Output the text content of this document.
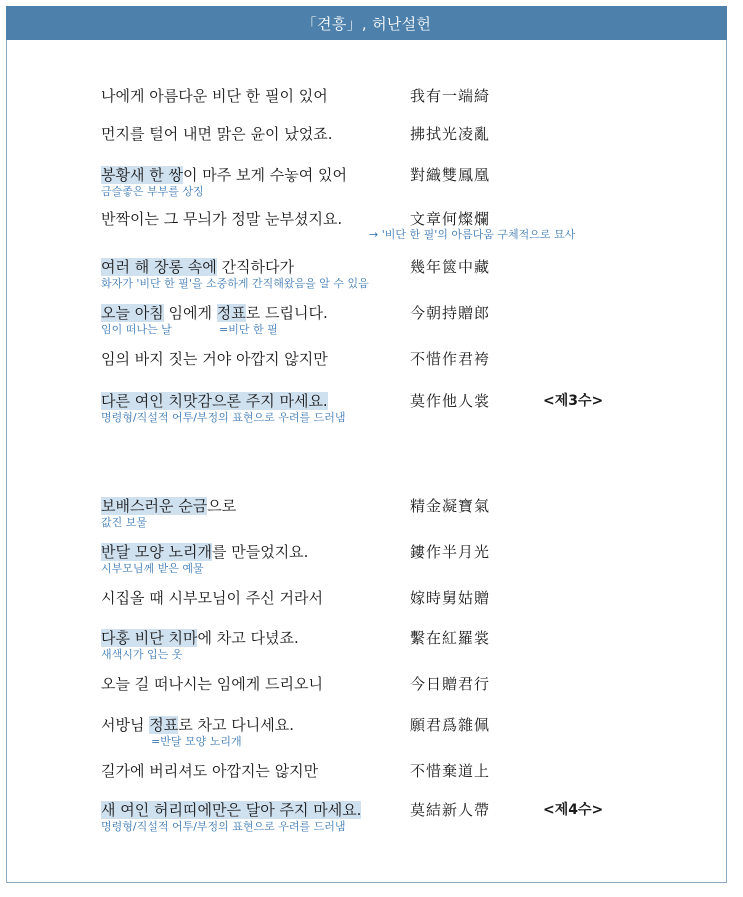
「견흥」, 허난설헌
나에게 아름다운 비단 한 필이 있어	我有一端綺
먼지를 털어 내면 맑은 윤이 났었죠.	拂拭光凌亂
봉황새 한 쌍이 마주 보게 수놓여 있어	對織雙鳳凰
금슬좋은 부부를 상징
반짝이는 그 무늬가 정말 눈부셨지요.	文章何燦爛
→ '비단 한 필'의 아름다움 구체적으로 묘사
여러 해 장롱 속에 간직하다가	幾年篋中藏
화자가 '비단 한 필'을 소중하게 간직해왔음을 알 수 있음
오늘 아침 임에게 정표로 드립니다.	今朝持贈郎
임이 떠나는 날	=비단 한 필
임의 바지 짓는 거야 아깝지 않지만	不惜作君袴
다른 여인 치맛감으론 주지 마세요.	莫作他人裳	<제3수>
명령형/직설적 어투/부정의 표현으로 우려를 드러냄
보배스러운 순금으로	精金凝寶氣
값진 보물
반달 모양 노리개를 만들었지요.	鏤作半月光
시부모님께 받은 예물
시집올 때 시부모님이 주신 거라서	嫁時舅姑贈
다홍 비단 치마에 차고 다녔죠.	繫在紅羅裳
새색시가 입는 옷
오늘 길 떠나시는 임에게 드리오니	今日贈君行
서방님 정표로 차고 다니세요.	願君爲雜佩
=반달 모양 노리개
길가에 버리셔도 아깝지는 않지만	不惜棄道上
새 여인 허리띠에만은 달아 주지 마세요.	莫結新人帶	<제4수>
명령형/직설적 어투/부정의 표현으로 우려를 드러냄
